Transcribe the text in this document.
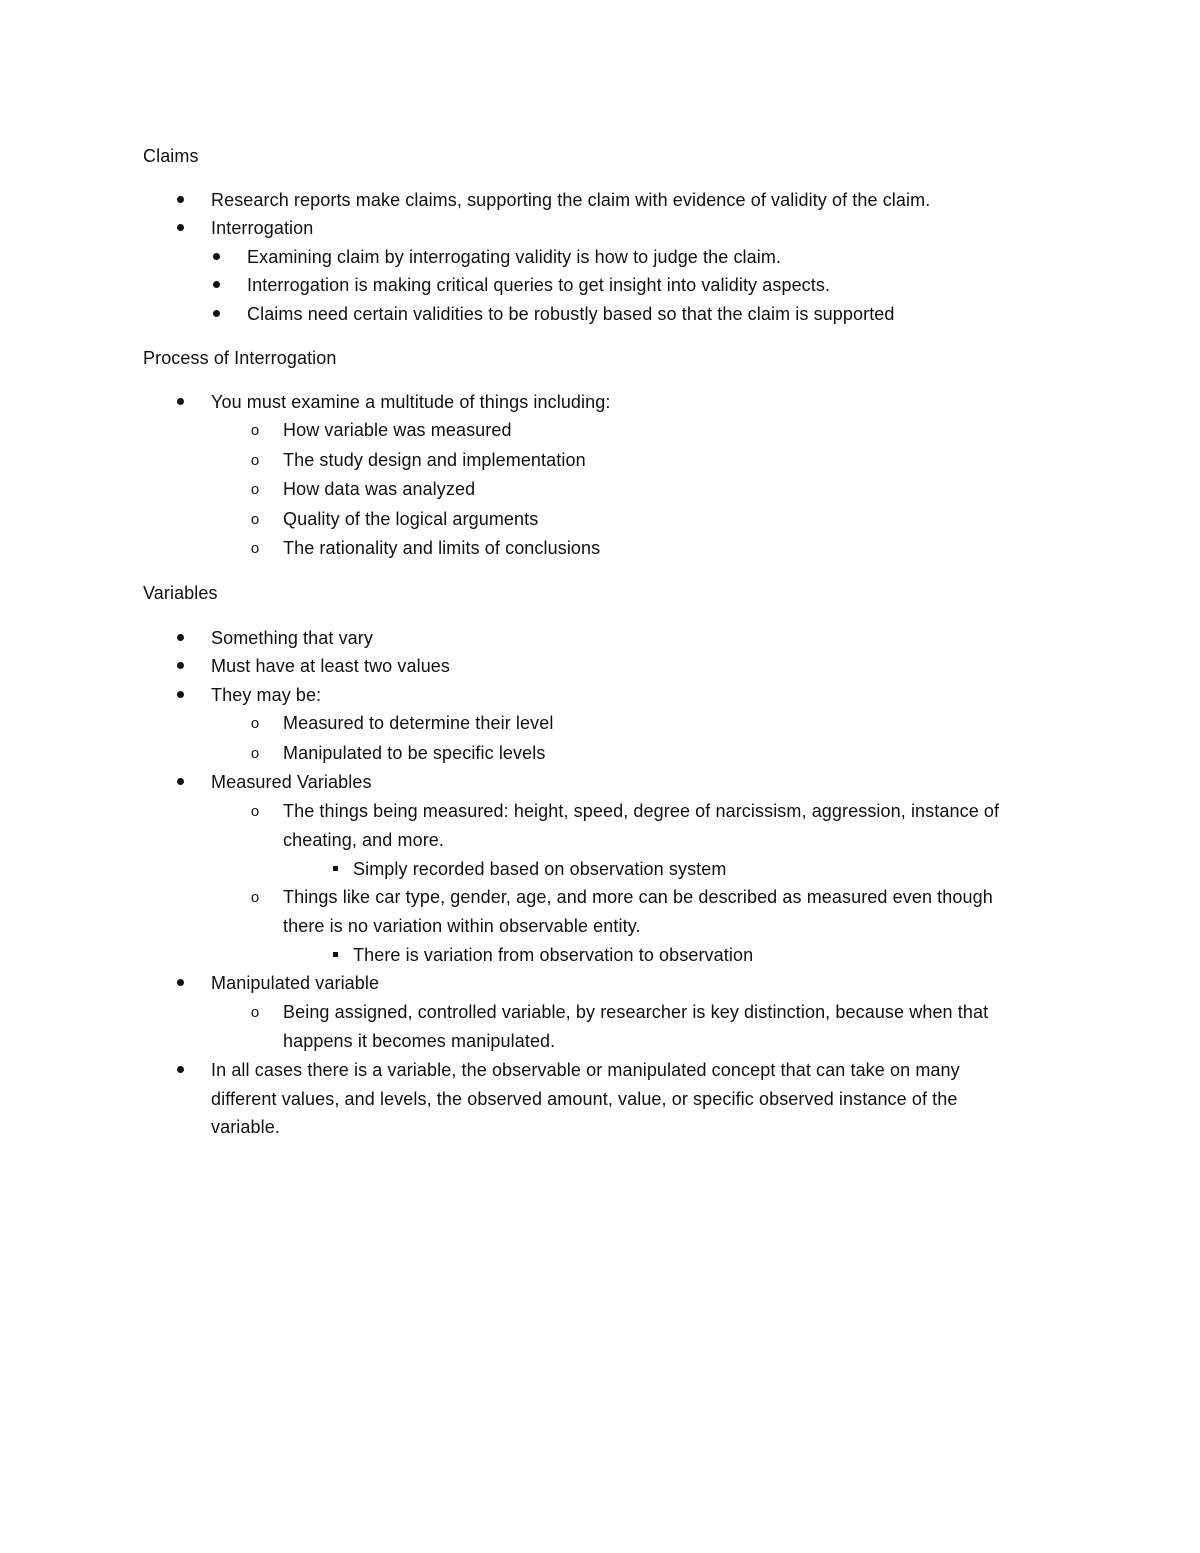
Claims
Research reports make claims, supporting the claim with evidence of validity of the claim.
Interrogation
Examining claim by interrogating validity is how to judge the claim.
Interrogation is making critical queries to get insight into validity aspects.
Claims need certain validities to be robustly based so that the claim is supported
Process of Interrogation
You must examine a multitude of things including:
o How variable was measured
o The study design and implementation
o How data was analyzed
o Quality of the logical arguments
o The rationality and limits of conclusions
Variables
Something that vary
Must have at least two values
They may be:
o Measured to determine their level
o Manipulated to be specific levels
Measured Variables
o The things being measured: height, speed, degree of narcissism, aggression, instance of
cheating, and more.
Simply recorded based on observation system
o Things like car type, gender, age, and more can be described as measured even though
there is no variation within observable entity.
There is variation from observation to observation
Manipulated variable
o Being assigned, controlled variable, by researcher is key distinction, because when that
happens it becomes manipulated.
In all cases there is a variable, the observable or manipulated concept that can take on many
different values, and levels, the observed amount, value, or specific observed instance of the
variable.
